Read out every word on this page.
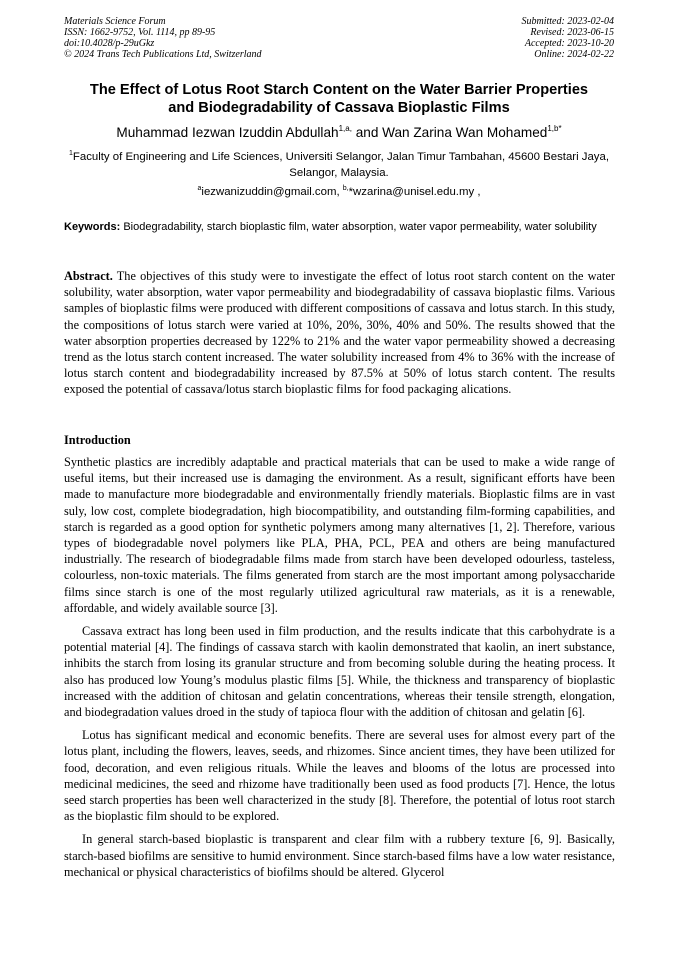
Materials Science Forum
ISSN: 1662-9752, Vol. 1114, pp 89-95
doi:10.4028/p-29uGkz
© 2024 Trans Tech Publications Ltd, Switzerland
Submitted: 2023-02-04
Revised: 2023-06-15
Accepted: 2023-10-20
Online: 2024-02-22
The Effect of Lotus Root Starch Content on the Water Barrier Properties
and Biodegradability of Cassava Bioplastic Films
Muhammad Iezwan Izuddin Abdullah$^{1,a,}$ and Wan Zarina Wan Mohamed$^{1,b*}$
$^1$Faculty of Engineering and Life Sciences, Universiti Selangor, Jalan Timur Tambahan, 45600 Bestari Jaya, Selangor, Malaysia.
$^a$iezwanizuddin@gmail.com, $^{b,}$*wzarina@unisel.edu.my ,
Keywords: Biodegradability, starch bioplastic film, water absorption, water vapor permeability, water solubility
Abstract. The objectives of this study were to investigate the effect of lotus root starch content on the water solubility, water absorption, water vapor permeability and biodegradability of cassava bioplastic films. Various samples of bioplastic films were produced with different compositions of cassava and lotus starch. In this study, the compositions of lotus starch were varied at 10%, 20%, 30%, 40% and 50%. The results showed that the water absorption properties decreased by 122% to 21% and the water vapor permeability showed a decreasing trend as the lotus starch content increased. The water solubility increased from 4% to 36% with the increase of lotus starch content and biodegradability increased by 87.5% at 50% of lotus starch content. The results exposed the potential of cassava/lotus starch bioplastic films for food packaging alications.
Introduction

Synthetic plastics are incredibly adaptable and practical materials that can be used to make a wide range of useful items, but their increased use is damaging the environment. As a result, significant efforts have been made to manufacture more biodegradable and environmentally friendly materials. Bioplastic films are in vast suly, low cost, complete biodegradation, high biocompatibility, and outstanding film-forming capabilities, and starch is regarded as a good option for synthetic polymers among many alternatives [1, 2]. Therefore, various types of biodegradable novel polymers like PLA, PHA, PCL, PEA and others are being manufactured industrially. The research of biodegradable films made from starch have been developed odourless, tasteless, colourless, non-toxic materials. The films generated from starch are the most important among polysaccharide films since starch is one of the most regularly utilized agricultural raw materials, as it is a renewable, affordable, and widely available source [3].

Cassava extract has long been used in film production, and the results indicate that this carbohydrate is a potential material [4]. The findings of cassava starch with kaolin demonstrated that kaolin, an inert substance, inhibits the starch from losing its granular structure and from becoming soluble during the heating process. It also has produced low Young’s modulus plastic films [5]. While, the thickness and transparency of bioplastic increased with the addition of chitosan and gelatin concentrations, whereas their tensile strength, elongation, and biodegradation values droed in the study of tapioca flour with the addition of chitosan and gelatin [6].

Lotus has significant medical and economic benefits. There are several uses for almost every part of the lotus plant, including the flowers, leaves, seeds, and rhizomes. Since ancient times, they have been utilized for food, decoration, and even religious rituals. While the leaves and blooms of the lotus are processed into medicinal medicines, the seed and rhizome have traditionally been used as food products [7]. Hence, the lotus seed starch properties has been well characterized in the study [8]. Therefore, the potential of lotus root starch as the bioplastic film should to be explored.

In general starch-based bioplastic is transparent and clear film with a rubbery texture [6, 9]. Basically, starch-based biofilms are sensitive to humid environment. Since starch-based films have a low water resistance, mechanical or physical characteristics of biofilms should be altered. Glycerol
